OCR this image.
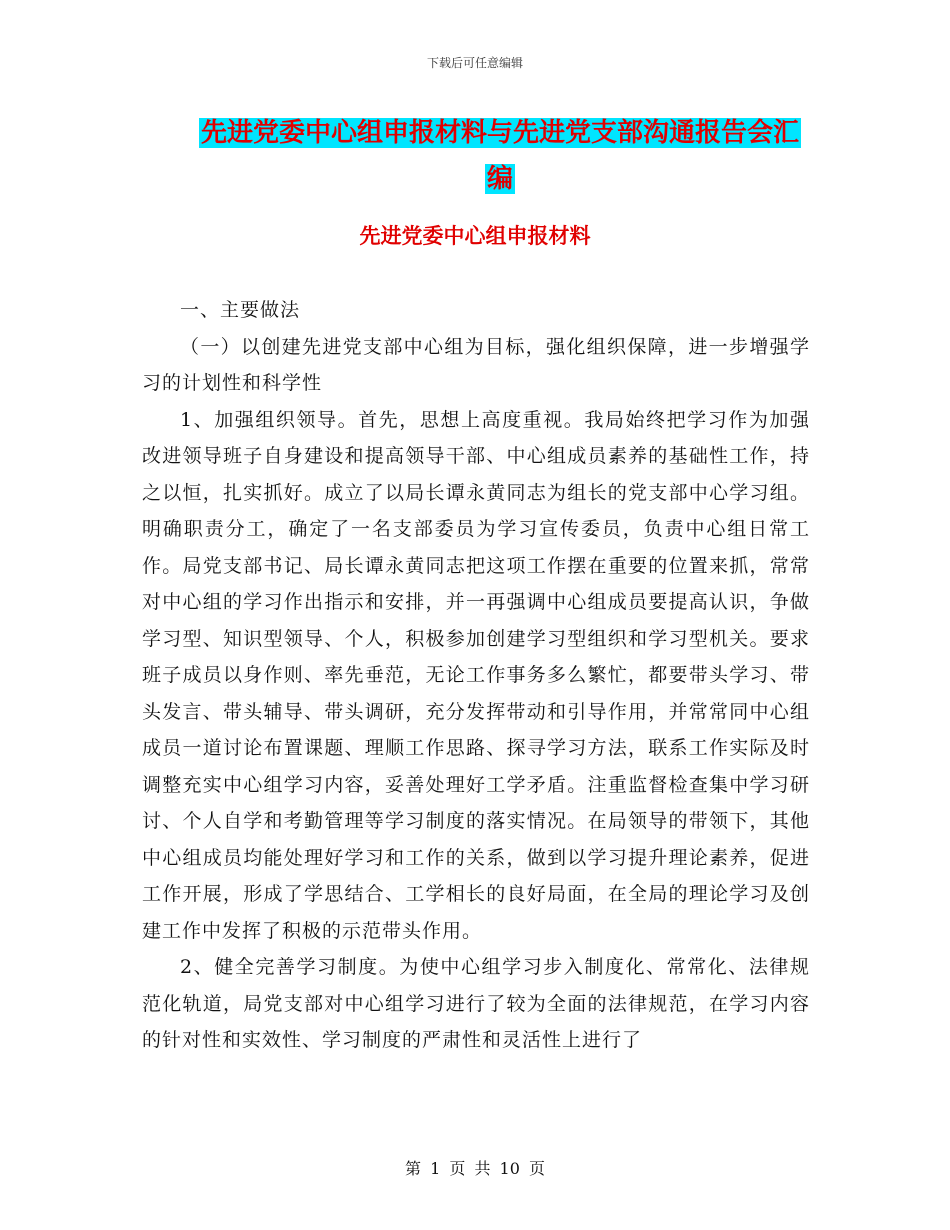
下载后可任意编辑
先进党委中心组申报材料与先进党支部沟通报告会汇
编
先进党委中心组申报材料

一、主要做法

（一）以创建先进党支部中心组为目标，强化组织保障，进一步增强学习的计划性和科学性

1、加强组织领导。首先，思想上高度重视。我局始终把学习作为加强改进领导班子自身建设和提高领导干部、中心组成员素养的基础性工作，持之以恒，扎实抓好。成立了以局长谭永黄同志为组长的党支部中心学习组。明确职责分工，确定了一名支部委员为学习宣传委员，负责中心组日常工作。局党支部书记、局长谭永黄同志把这项工作摆在重要的位置来抓，常常对中心组的学习作出指示和安排，并一再强调中心组成员要提高认识，争做学习型、知识型领导、个人，积极参加创建学习型组织和学习型机关。要求班子成员以身作则、率先垂范，无论工作事务多么繁忙，都要带头学习、带头发言、带头辅导、带头调研，充分发挥带动和引导作用，并常常同中心组成员一道讨论布置课题、理顺工作思路、探寻学习方法，联系工作实际及时调整充实中心组学习内容，妥善处理好工学矛盾。注重监督检查集中学习研讨、个人自学和考勤管理等学习制度的落实情况。在局领导的带领下，其他中心组成员均能处理好学习和工作的关系，做到以学习提升理论素养，促进工作开展，形成了学思结合、工学相长的良好局面，在全局的理论学习及创建工作中发挥了积极的示范带头作用。

2、健全完善学习制度。为使中心组学习步入制度化、常常化、法律规范化轨道，局党支部对中心组学习进行了较为全面的法律规范，在学习内容的针对性和实效性、学习制度的严肃性和灵活性上进行了

第 1 页 共 10 页
